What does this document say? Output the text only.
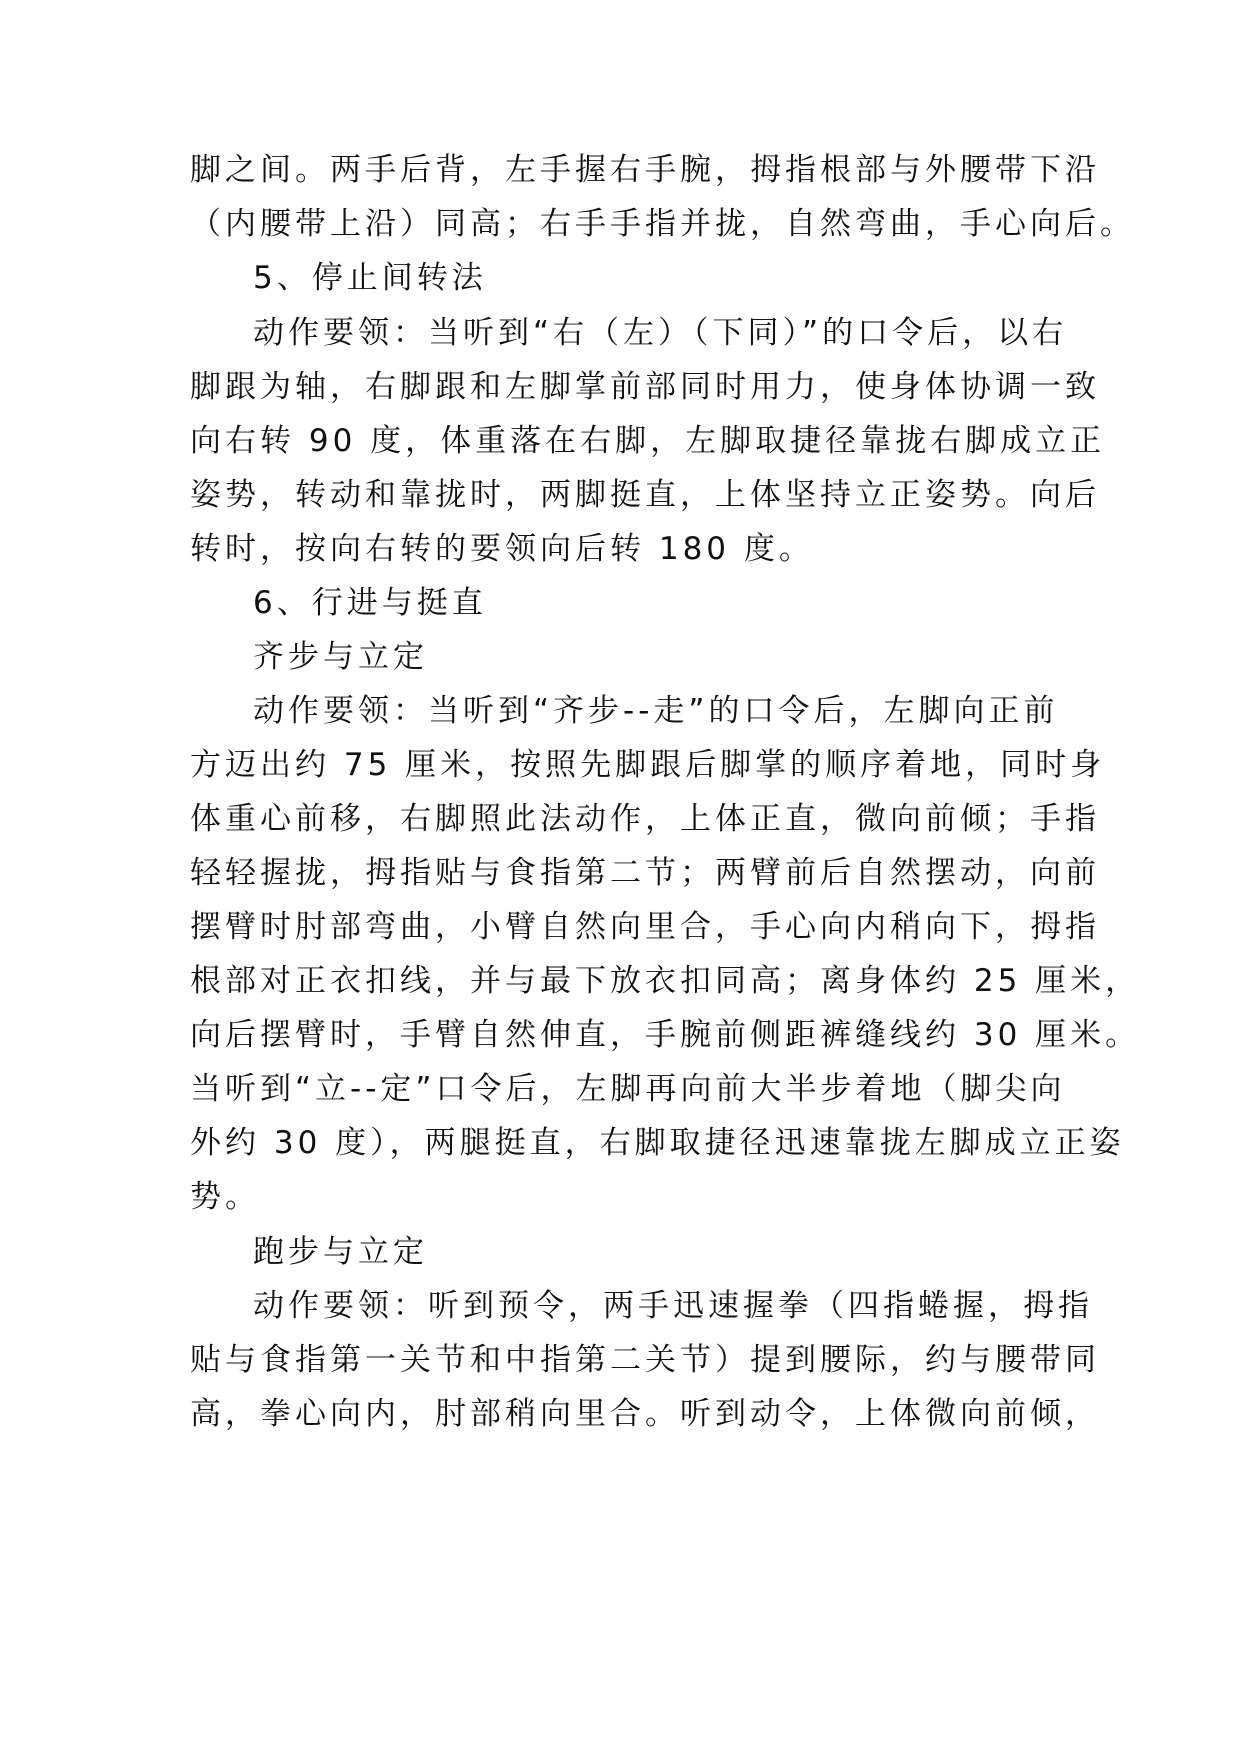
脚之间。两手后背，左手握右手腕，拇指根部与外腰带下沿
（内腰带上沿）同高；右手手指并拢，自然弯曲，手心向后。
5、停止间转法
动作要领：当听到“右（左）（下同）”的口令后，以右
脚跟为轴，右脚跟和左脚掌前部同时用力，使身体协调一致
向右转 90 度，体重落在右脚，左脚取捷径靠拢右脚成立正
姿势，转动和靠拢时，两脚挺直，上体坚持立正姿势。向后
转时，按向右转的要领向后转 180 度。
6、行进与挺直
齐步与立定
动作要领：当听到“齐步--走”的口令后，左脚向正前
方迈出约 75 厘米，按照先脚跟后脚掌的顺序着地，同时身
体重心前移，右脚照此法动作，上体正直，微向前倾；手指
轻轻握拢，拇指贴与食指第二节；两臂前后自然摆动，向前
摆臂时肘部弯曲，小臂自然向里合，手心向内稍向下，拇指
根部对正衣扣线，并与最下放衣扣同高；离身体约 25 厘米，
向后摆臂时，手臂自然伸直，手腕前侧距裤缝线约 30 厘米。
当听到“立--定”口令后，左脚再向前大半步着地（脚尖向
外约 30 度），两腿挺直，右脚取捷径迅速靠拢左脚成立正姿
势。
跑步与立定
动作要领：听到预令，两手迅速握拳（四指蜷握，拇指
贴与食指第一关节和中指第二关节）提到腰际，约与腰带同
高，拳心向内，肘部稍向里合。听到动令，上体微向前倾，
